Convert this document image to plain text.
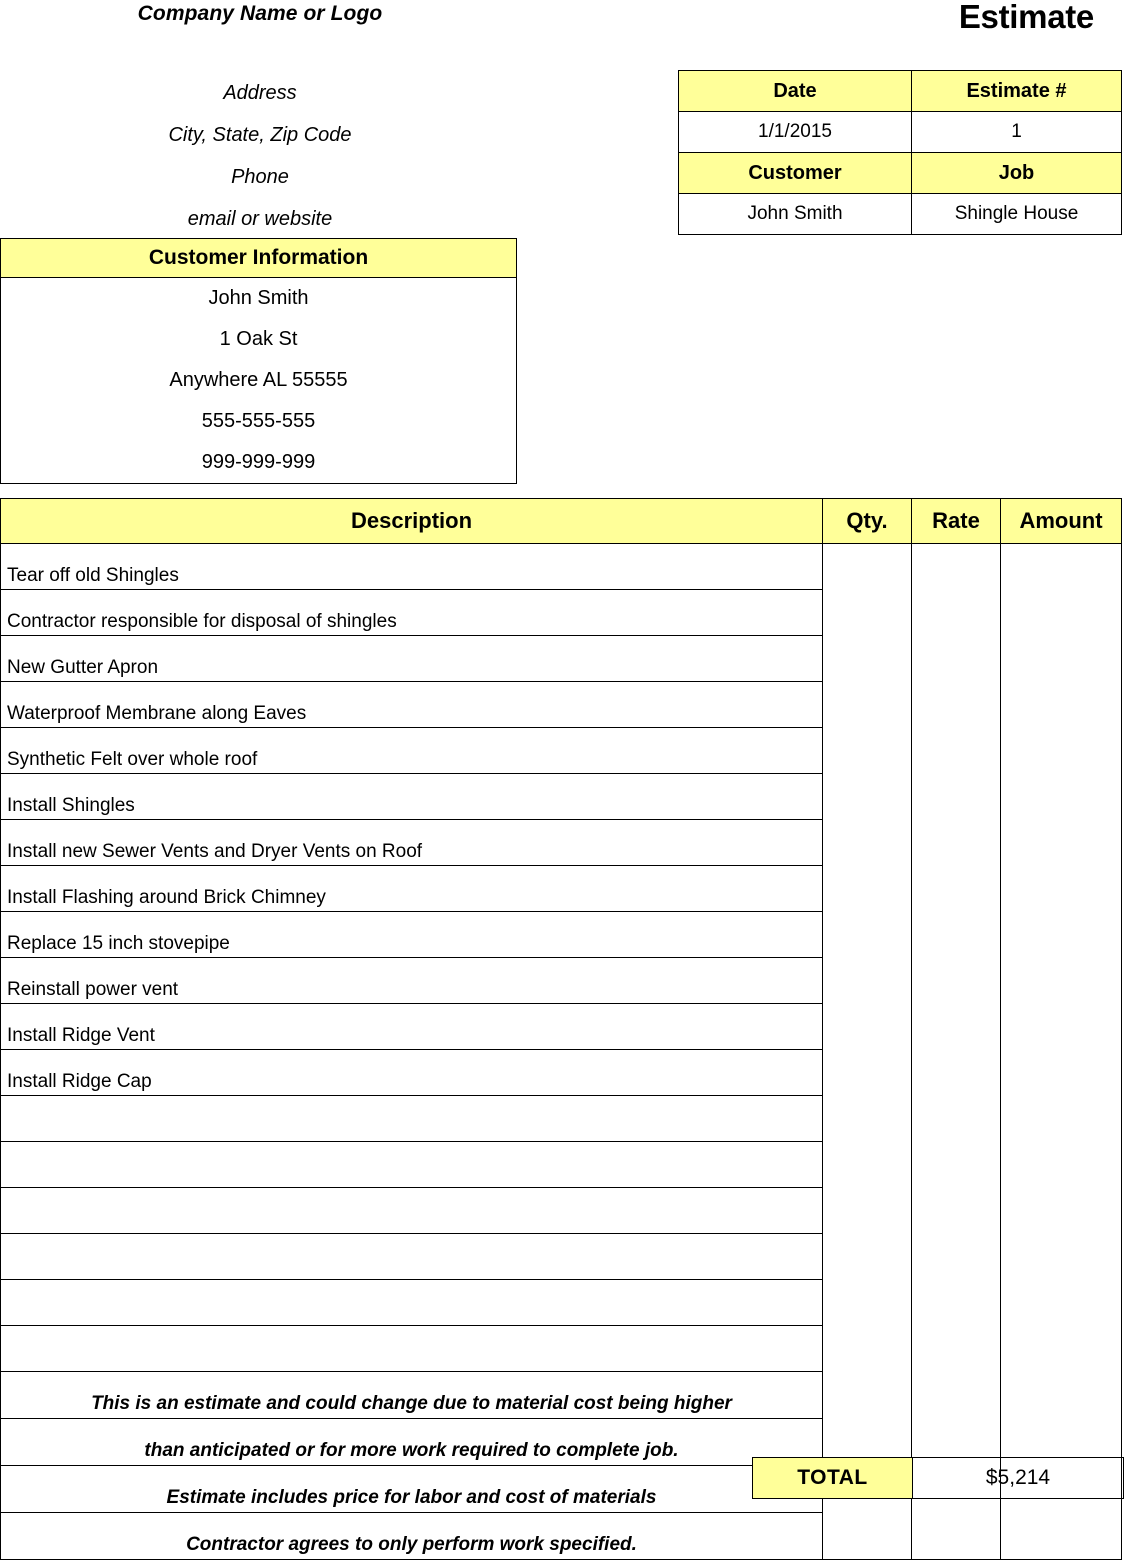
Company Name or Logo	Estimate
Address
City, State, Zip Code
Phone
email or website
Date	Estimate #
1/1/2015	1
Customer	Job
John Smith	Shingle House
Customer Information
John Smith
1 Oak St
Anywhere AL 55555
555-555-555
999-999-999
Description	Qty.	Rate	Amount
Tear off old Shingles			
Contractor responsible for disposal of shingles			
New Gutter Apron			
Waterproof Membrane along Eaves			
Synthetic Felt over whole roof			
Install Shingles			
Install new Sewer Vents and Dryer Vents on Roof			
Install Flashing around Brick Chimney			
Replace 15 inch stovepipe			
Reinstall power vent			
Install Ridge Vent			
Install Ridge Cap			

This is an estimate and could change due to material cost being higher			
than anticipated or for more work required to complete job.			
Estimate includes price for labor and cost of materials			
Contractor agrees to only perform work specified.			
TOTAL	$5,214
